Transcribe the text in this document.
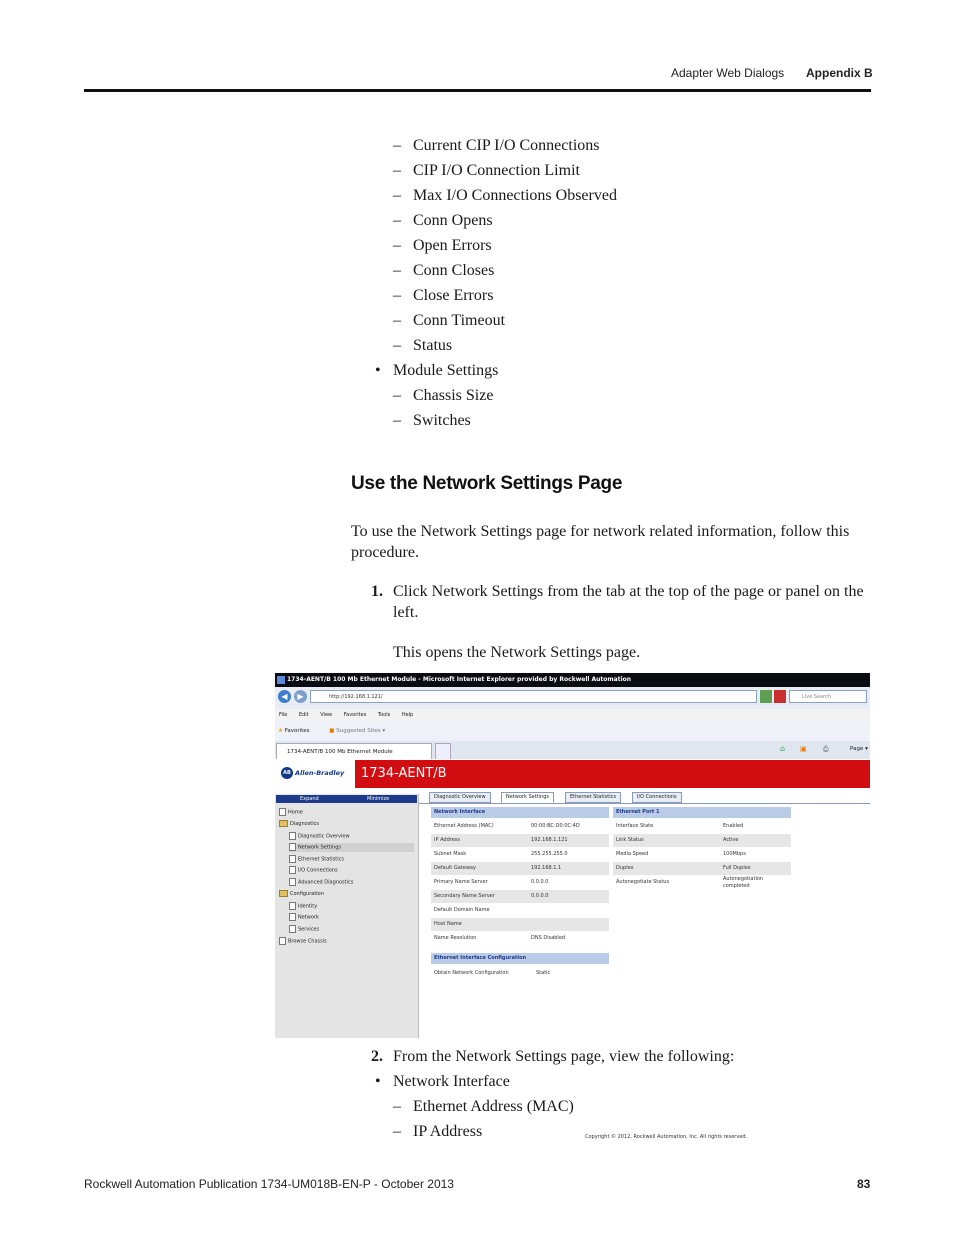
Adapter Web Dialogs Appendix B
– Current CIP I/O Connections
– CIP I/O Connection Limit
– Max I/O Connections Observed
– Conn Opens
– Open Errors
– Conn Closes
– Close Errors
– Conn Timeout
– Status
• Module Settings
– Chassis Size
– Switches
Use the Network Settings Page
To use the Network Settings page for network related information, follow this procedure.
1. Click Network Settings from the tab at the top of the page or panel on the
left.
This opens the Network Settings page.
1734-AENT/B 100 Mb Ethernet Module - Microsoft Internet Explorer provided by Rockwell Automation
◀	▶	http://192.168.1.121/	Live Search
File Edit View Favorites Tools Help
★ Favorites	■ Suggested Sites ▾
1734-AENT/B 100 Mb Ethernet Module	⌂ ▣ ⎙	Page ▾
AB Allen-Bradley	1734-AENT/B
Expand	Minimize
Home
Diagnostics
Diagnostic Overview
Network Settings
Ethernet Statistics
I/O Connections
Advanced Diagnostics
Configuration
Identity
Network
Services
Browse Chassis
Diagnostic Overview	Network Settings	Ethernet Statistics	I/O Connections
Network Interface
Ethernet Address (MAC)	00:00:BC:D0:0C:4D
IP Address	192.168.1.121
Subnet Mask	255.255.255.0
Default Gateway	192.168.1.1
Primary Name Server	0.0.0.0
Secondary Name Server	0.0.0.0
Default Domain Name
Host Name
Name Resolution	DNS Disabled
Ethernet Port 1
Interface State	Enabled
Link Status	Active
Media Speed	100Mbps
Duplex	Full Duplex
Autonegotiate Status	Autonegotiation completed
Ethernet Interface Configuration
Obtain Network Configuration	Static
Copyright © 2012, Rockwell Automation, Inc. All rights reserved.
2. From the Network Settings page, view the following:
• Network Interface
– Ethernet Address (MAC)
– IP Address
Rockwell Automation Publication 1734-UM018B-EN-P - October 2013	83
